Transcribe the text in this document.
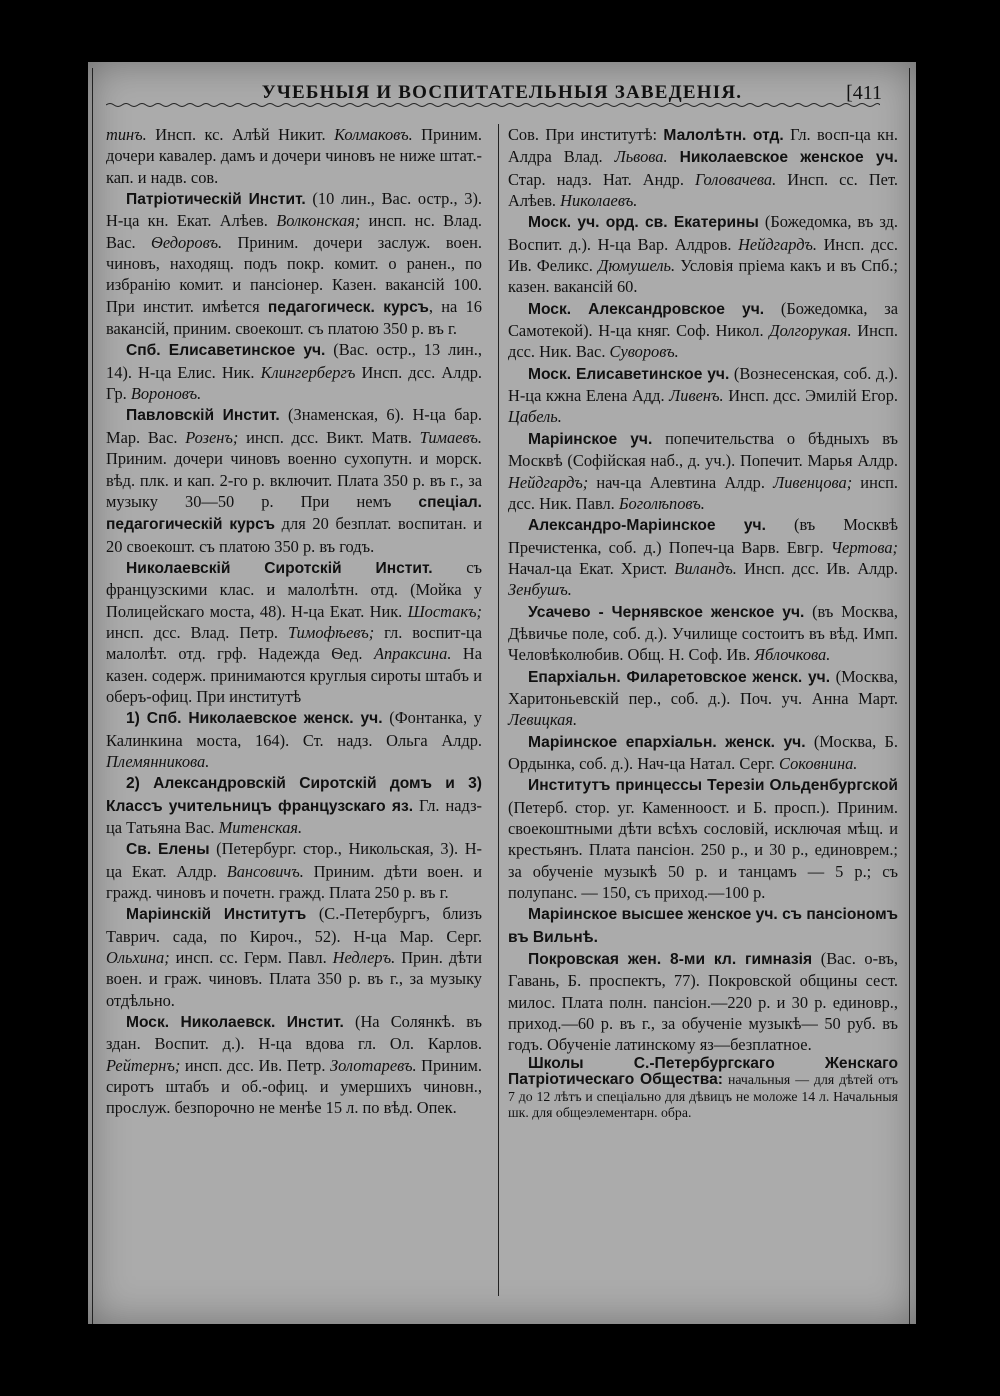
УЧЕБНЫЯ И ВОСПИТАТЕЛЬНЫЯ ЗАВЕДЕНIЯ.	[411

тинъ. Инсп. кс. Алѣй Никит. Колмаковъ. Приним. дочери кавалер. дамъ и дочери чиновъ не ниже штат.-кап. и надв. сов.

Патрiотическiй Инстит. (10 лин., Вас. остр., 3). Н-ца кн. Екат. Алѣев. Волконская; инсп. нс. Влад. Вас. Ѳедоровъ. Приним. дочери заслуж. воен. чиновъ, находящ. подъ покр. комит. о ранен., по избранiю комит. и пансiонер. Казен. вакансiй 100. При инстит. имѣется педагогическ. курсъ, на 16 вакансiй, приним. своекошт. съ платою 350 р. въ г.

Спб. Елисаветинское уч. (Вас. остр., 13 лин., 14). Н-ца Елис. Ник. Клингербергъ Инсп. дсс. Алдр. Гр. Вороновъ.

Павловскiй Инстит. (Знаменская, 6). Н-ца бар. Мар. Вас. Розенъ; инсп. дсс. Викт. Матв. Тимаевъ. Приним. дочери чиновъ военно сухопутн. и морск. вѣд. плк. и кап. 2-го р. включит. Плата 350 р. въ г., за музыку 30—50 р. При немъ спецiал. педагогическiй курсъ для 20 безплат. воспитан. и 20 своекошт. съ платою 350 р. въ годъ.

Николаевскiй Сиротскiй Инстит. съ французскими клас. и малолѣтн. отд. (Мойка у Полицейскаго моста, 48). Н-ца Екат. Ник. Шостакъ; инсп. дсс. Влад. Петр. Тимофѣевъ; гл. воспит-ца малолѣт. отд. грф. Надежда Ѳед. Апраксина. На казен. содерж. принимаются круглыя сироты штабъ и оберъ-офиц. При институтѣ

1) Спб. Николаевское женск. уч. (Фонтанка, у Калинкина моста, 164). Ст. надз. Ольга Алдр. Племянникова.

2) Александровскiй Сиротскiй домъ и 3) Классъ учительницъ французскаго яз. Гл. надз-ца Татьяна Вас. Митенская.

Св. Елены (Петербург. стор., Никольская, 3). Н-ца Екат. Алдр. Вансовичъ. Приним. дѣти воен. и гражд. чиновъ и почетн. гражд. Плата 250 р. въ г.

Марiинскiй Институтъ (С.-Петербургъ, близъ Таврич. сада, по Кироч., 52). Н-ца Мар. Серг. Ольхина; инсп. сс. Герм. Павл. Недлеръ. Прин. дѣти воен. и граж. чиновъ. Плата 350 р. въ г., за музыку отдѣльно.

Моск. Николаевск. Инстит. (На Солянкѣ. въ здан. Воспит. д.). Н-ца вдова гл. Ол. Карлов. Рейтернъ; инсп. дсс. Ив. Петр. Золотаревъ. Приним. сиротъ штабъ и об.-офиц. и умершихъ чиновн., прослуж. безпорочно не менѣе 15 л. по вѣд. Опек.

Сов. При институтѣ: Малолѣтн. отд. Гл. восп-ца кн. Алдра Влад. Львова. Николаевское женское уч. Стар. надз. Нат. Андр. Головачева. Инсп. сс. Пет. Алѣев. Николаевъ.

Моск. уч. орд. св. Екатерины (Божедомка, въ зд. Воспит. д.). Н-ца Вар. Алдров. Нейдгардъ. Инсп. дсс. Ив. Феликс. Дюмушель. Условiя прiема какъ и въ Спб.; казен. вакансiй 60.

Моск. Александровское уч. (Божедомка, за Самотекой). Н-ца княг. Соф. Никол. Долгорукая. Инсп. дсс. Ник. Вас. Суворовъ.

Моск. Елисаветинское уч. (Вознесенская, соб. д.). Н-ца кжна Елена Адд. Ливенъ. Инсп. дсс. Эмилiй Егор. Цабель.

Марiинское уч. попечительства о бѣдныхъ въ Москвѣ (Софiйская наб., д. уч.). Попечит. Марья Алдр. Нейдгардъ; нач-ца Алевтина Алдр. Ливенцова; инсп. дсс. Ник. Павл. Боголѣповъ.

Александро-Марiинское уч. (въ Москвѣ Пречистенка, соб. д.) Попеч-ца Варв. Евгр. Чертова; Начал-ца Екат. Христ. Виландъ. Инсп. дсс. Ив. Алдр. Зенбушъ.

Усачево - Чернявское женское уч. (въ Москва, Дѣвичье поле, соб. д.). Училище состоитъ въ вѣд. Имп. Человѣколюбив. Общ. Н. Соф. Ив. Яблочкова.

Епархiальн. Филаретовское женск. уч. (Москва, Харитоньевскiй пер., соб. д.). Поч. уч. Анна Март. Левицкая.

Марiинское епархiальн. женск. уч. (Москва, Б. Ордынка, соб. д.). Нач-ца Натал. Серг. Соковнина.

Институтъ принцессы Терезiи Ольденбургской (Петерб. стор. уг. Каменноост. и Б. просп.). Приним. своекоштными дѣти всѣхъ сословiй, исключая мѣщ. и крестьянъ. Плата пансiон. 250 р., и 30 р., единоврем.; за обученiе музыкѣ 50 р. и танцамъ — 5 р.; съ полупанс. — 150, съ приход.—100 р.

Марiинское высшее женское уч. съ пансiономъ въ Вильнѣ.

Покровская жен. 8-ми кл. гимназiя (Вас. о-въ, Гавань, Б. проспектъ, 77). Покровской общины сест. милос. Плата полн. пансiон.—220 р. и 30 р. единовр., приход.—60 р. въ г., за обученiе музыкѣ— 50 руб. въ годъ. Обученiе латинскому яз—безплатное.

Школы С.-Петербургскаго Женскаго Патрiотическаго Общества: начальныя — для дѣтей отъ 7 до 12 лѣтъ и спецiально для дѣвицъ не моложе 14 л. Начальныя шк. для общеэлементарн. обра.
